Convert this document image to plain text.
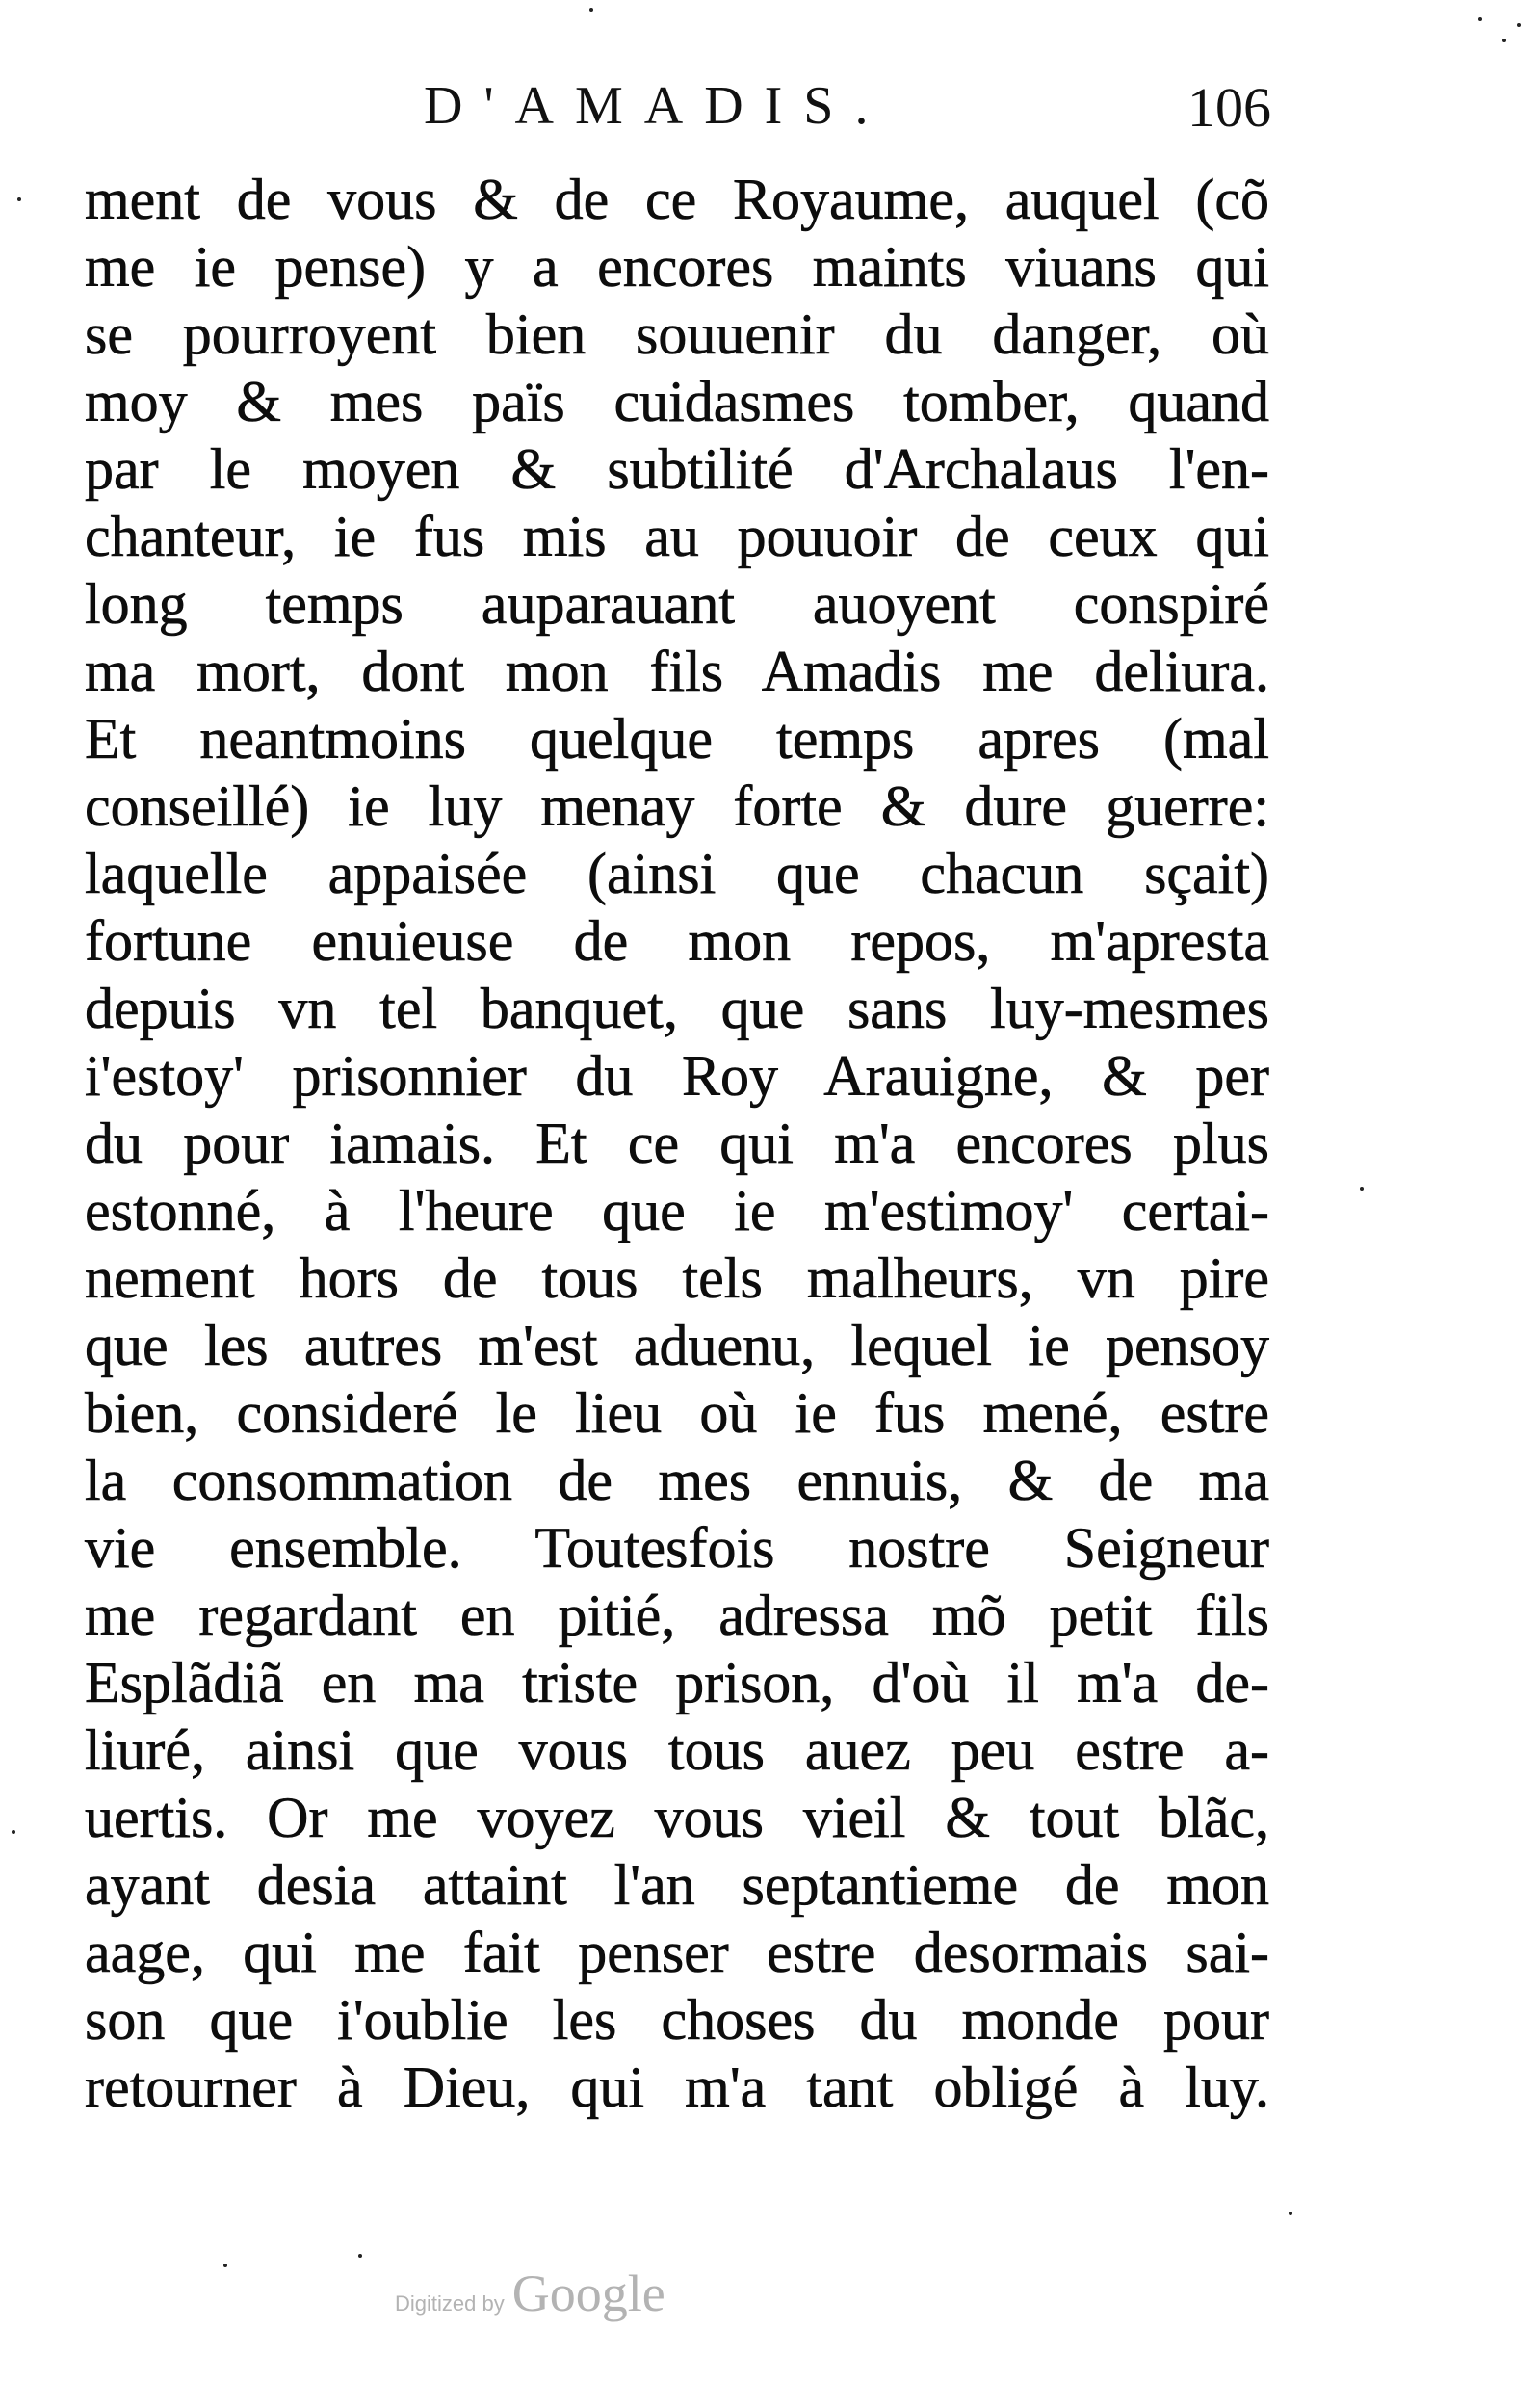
D'AMADIS.	106
ment de vous & de ce Royaume, auquel (cõ
me ie pense) y a encores maints viuans qui
se pourroyent bien souuenir du danger, où
moy & mes païs cuidasmes tomber, quand
par le moyen & subtilité d'Archalaus l'en-
chanteur, ie fus mis au pouuoir de ceux qui
long temps auparauant auoyent conspiré
ma mort, dont mon fils Amadis me deliura.
Et neantmoins quelque temps apres (mal
conseillé) ie luy menay forte & dure guerre:
laquelle appaisée (ainsi que chacun sçait)
fortune enuieuse de mon repos, m'apresta
depuis vn tel banquet, que sans luy-mesmes
i'estoy' prisonnier du Roy Arauigne, & per
du pour iamais. Et ce qui m'a encores plus
estonné, à l'heure que ie m'estimoy' certai-
nement hors de tous tels malheurs, vn pire
que les autres m'est aduenu, lequel ie pensoy
bien, consideré le lieu où ie fus mené, estre
la consommation de mes ennuis, & de ma
vie ensemble. Toutesfois nostre Seigneur
me regardant en pitié, adressa mõ petit fils
Esplãdiã en ma triste prison, d'où il m'a de-
liuré, ainsi que vous tous auez peu estre a-
uertis. Or me voyez vous vieil & tout blãc,
ayant desia attaint l'an septantieme de mon
aage, qui me fait penser estre desormais sai-
son que i'oublie les choses du monde pour
retourner à Dieu, qui m'a tant obligé à luy.
Digitized by Google
